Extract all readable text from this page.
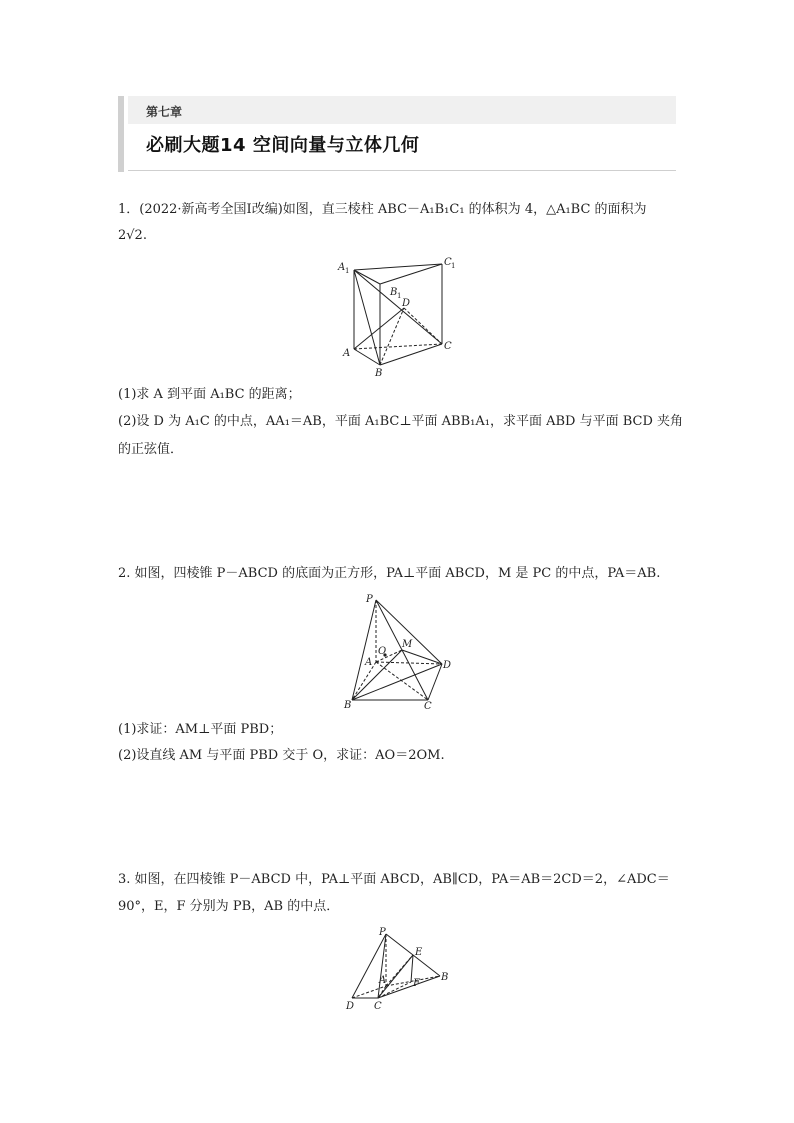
第七章
必刷大题14 空间向量与立体几何
1．(2022·新高考全国Ⅰ改编)如图，直三棱柱 ABC－A₁B₁C₁ 的体积为 4，△A₁BC 的面积为
2√2.
A 1
C 1
B 1
D
A
C
B
(1)求 A 到平面 A₁BC 的距离；
(2)设 D 为 A₁C 的中点，AA₁＝AB，平面 A₁BC⊥平面 ABB₁A₁，求平面 ABD 与平面 BCD 夹角
的正弦值．
2. 如图，四棱锥 P－ABCD 的底面为正方形，PA⊥平面 ABCD，M 是 PC 的中点，PA＝AB.
P
M
O
A	D
B	C
(1)求证：AM⊥平面 PBD；
(2)设直线 AM 与平面 PBD 交于 O，求证：AO＝2OM.
3. 如图，在四棱锥 P－ABCD 中，PA⊥平面 ABCD，AB∥CD，PA＝AB＝2CD＝2，∠ADC＝
90°，E，F 分别为 PB，AB 的中点．
P
E
A	F
B
D C
